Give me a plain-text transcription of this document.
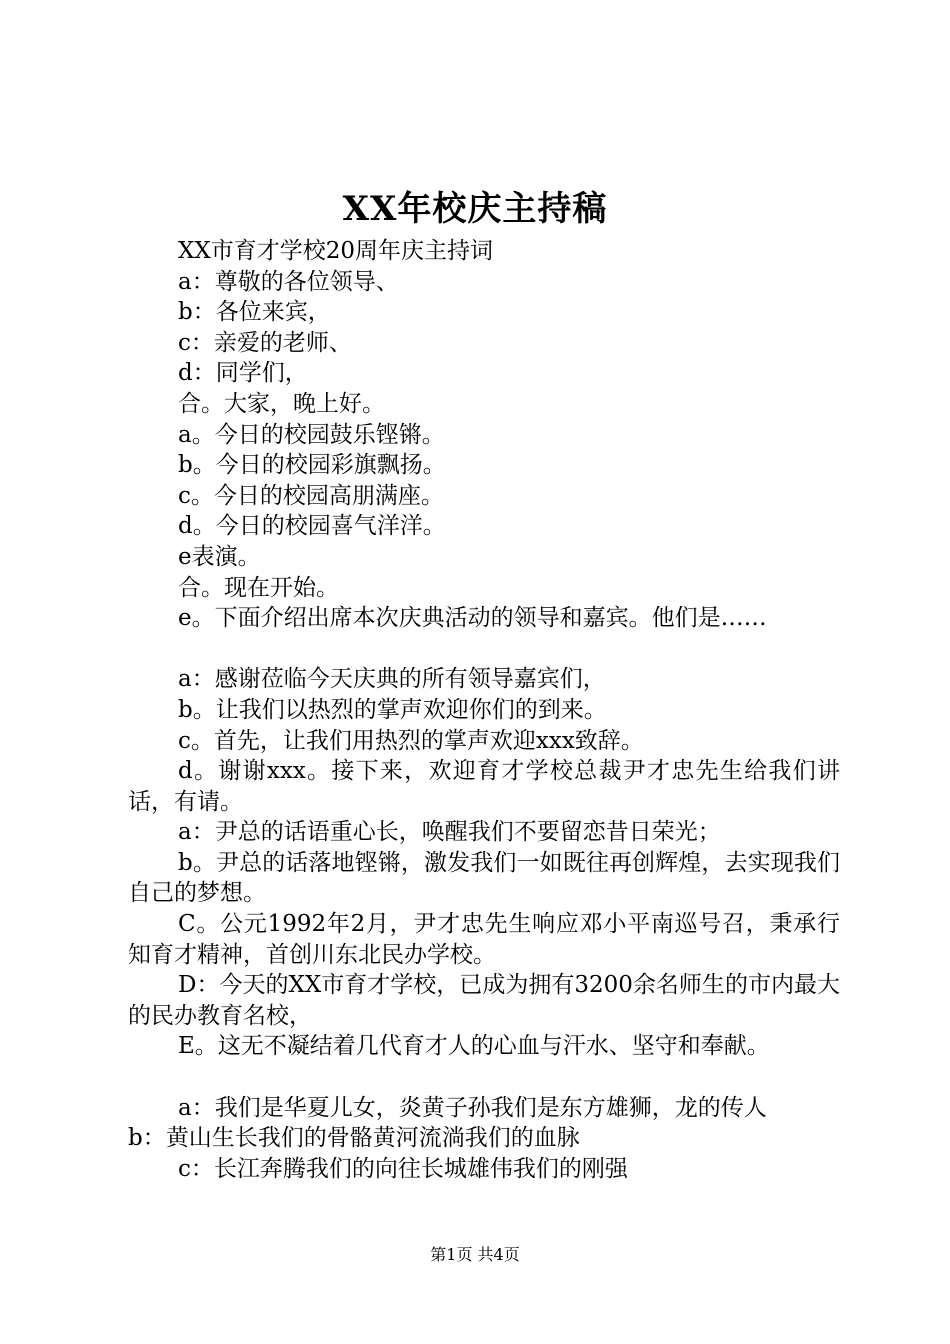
XX年校庆主持稿

XX市育才学校20周年庆主持词

a：尊敬的各位领导、

b：各位来宾，

c：亲爱的老师、

d：同学们，

合。大家，晚上好。

a。今日的校园鼓乐铿锵。

b。今日的校园彩旗飘扬。

c。今日的校园高朋满座。

d。今日的校园喜气洋洋。

e表演。

合。现在开始。

e。下面介绍出席本次庆典活动的领导和嘉宾。他们是……

a：感谢莅临今天庆典的所有领导嘉宾们，

b。让我们以热烈的掌声欢迎你们的到来。

c。首先，让我们用热烈的掌声欢迎xxx致辞。

d。谢谢xxx。接下来，欢迎育才学校总裁尹才忠先生给我们讲话，有请。

a：尹总的话语重心长，唤醒我们不要留恋昔日荣光；

b。尹总的话落地铿锵，激发我们一如既往再创辉煌，去实现我们自己的梦想。

C。公元1992年2月，尹才忠先生响应邓小平南巡号召，秉承行知育才精神，首创川东北民办学校。

D：今天的XX市育才学校，已成为拥有3200余名师生的市内最大的民办教育名校，

E。这无不凝结着几代育才人的心血与汗水、坚守和奉献。

a：我们是华夏儿女，炎黄子孙我们是东方雄狮，龙的传人

b：黄山生长我们的骨骼黄河流淌我们的血脉

c：长江奔腾我们的向往长城雄伟我们的刚强

第1页 共4页
